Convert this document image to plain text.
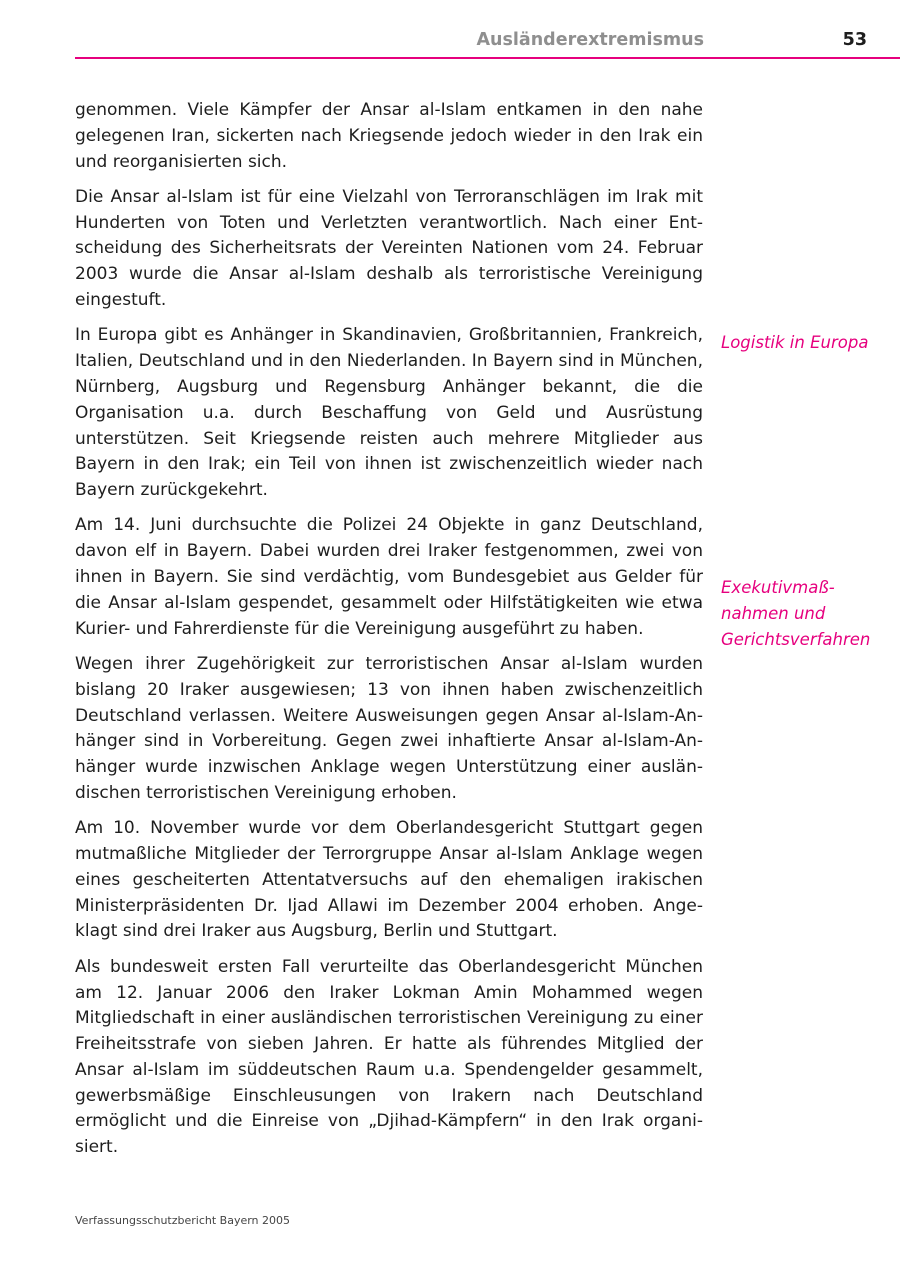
Ausländerextremismus	53

genommen. Viele Kämpfer der Ansar al-Islam entkamen in den nahe gelegenen Iran, sickerten nach Kriegsende jedoch wieder in den Irak ein und reorganisierten sich.

Die Ansar al-Islam ist für eine Vielzahl von Terroranschlägen im Irak mit Hunderten von Toten und Verletzten verantwortlich. Nach einer Entscheidung des Sicherheitsrats der Vereinten Nationen vom 24. Februar 2003 wurde die Ansar al-Islam deshalb als terroristische Vereinigung eingestuft.

In Europa gibt es Anhänger in Skandinavien, Großbritannien, Frankreich, Italien, Deutschland und in den Niederlanden. In Bayern sind in München, Nürnberg, Augsburg und Regensburg Anhänger bekannt, die die Organisation u.a. durch Beschaffung von Geld und Ausrüstung unterstützen. Seit Kriegsende reisten auch mehrere Mitglieder aus Bayern in den Irak; ein Teil von ihnen ist zwischenzeitlich wieder nach Bayern zurückgekehrt.

Am 14. Juni durchsuchte die Polizei 24 Objekte in ganz Deutschland, davon elf in Bayern. Dabei wurden drei Iraker festgenommen, zwei von ihnen in Bayern. Sie sind verdächtig, vom Bundesgebiet aus Gelder für die Ansar al-Islam gespendet, gesammelt oder Hilfstätigkeiten wie etwa Kurier- und Fahrerdienste für die Vereinigung ausgeführt zu haben.

Wegen ihrer Zugehörigkeit zur terroristischen Ansar al-Islam wurden bislang 20 Iraker ausgewiesen; 13 von ihnen haben zwischenzeitlich Deutschland verlassen. Weitere Ausweisungen gegen Ansar al-Islam-Anhänger sind in Vorbereitung. Gegen zwei inhaftierte Ansar al-Islam-Anhänger wurde inzwischen Anklage wegen Unterstützung einer ausländischen terroristischen Vereinigung erhoben.

Am 10. November wurde vor dem Oberlandesgericht Stuttgart gegen mutmaßliche Mitglieder der Terrorgruppe Ansar al-Islam Anklage wegen eines gescheiterten Attentatversuchs auf den ehemaligen irakischen Ministerpräsidenten Dr. Ijad Allawi im Dezember 2004 erhoben. Angeklagt sind drei Iraker aus Augsburg, Berlin und Stuttgart.

Als bundesweit ersten Fall verurteilte das Oberlandesgericht München am 12. Januar 2006 den Iraker Lokman Amin Mohammed wegen Mitgliedschaft in einer ausländischen terroristischen Vereinigung zu einer Freiheitsstrafe von sieben Jahren. Er hatte als führendes Mitglied der Ansar al-Islam im süddeutschen Raum u.a. Spendengelder gesammelt, gewerbsmäßige Einschleusungen von Irakern nach Deutschland ermöglicht und die Einreise von „Djihad-Kämpfern“ in den Irak organisiert.

Logistik in Europa
Exekutivmaß-
nahmen und
Gerichtsverfahren
Verfassungsschutzbericht Bayern 2005
